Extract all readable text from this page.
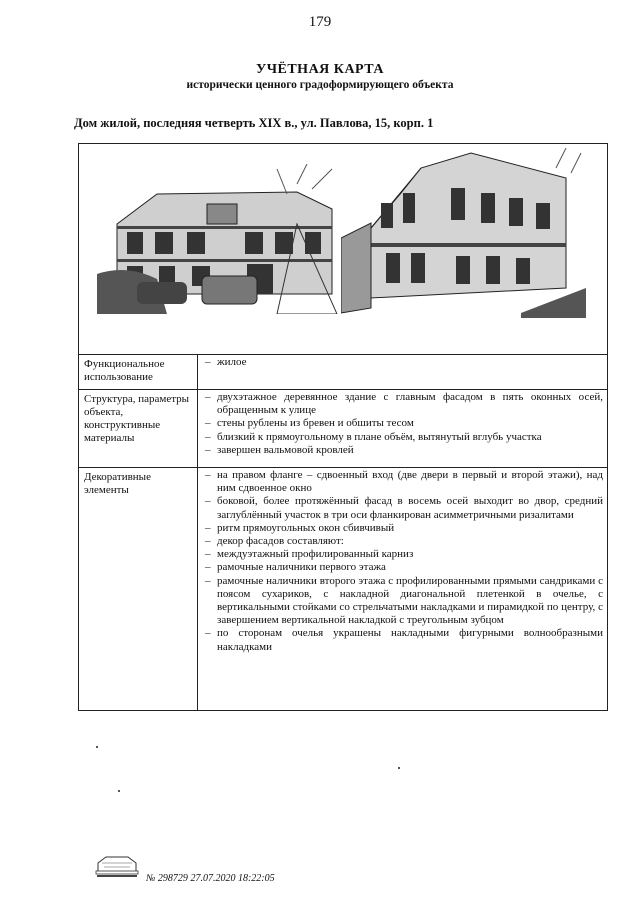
179
УЧЁТНАЯ КАРТА
исторически ценного градоформирующего объекта
Дом жилой, последняя четверть XIX в., ул. Павлова, 15, корп. 1
Функциональное использование
– жилое
Структура, параметры объекта, конструктивные материалы
– двухэтажное деревянное здание с главным фасадом в пять оконных осей, обращенным к улице
– стены рублены из бревен и обшиты тесом
– близкий к прямоугольному в плане объём, вытянутый вглубь участка
– завершен вальмовой кровлей
Декоративные элементы
– на правом фланге – сдвоенный вход (две двери в первый и второй этажи), над ним сдвоенное окно
– боковой, более протяжённый фасад в восемь осей выходит во двор, средний заглублённый участок в три оси фланкирован асимметричными ризалитами
– ритм прямоугольных окон сбивчивый
– декор фасадов составляют:
– междуэтажный профилированный карниз
– рамочные наличники первого этажа
– рамочные наличники второго этажа с профилированными прямыми сандриками с поясом сухариков, с накладной диагональной плетенкой в очелье, с вертикальными стойками со стрельчатыми накладками и пирамидкой по центру, с завершением вертикальной накладкой с треугольным зубцом
– по сторонам очелья украшены накладными фигурными волнообразными накладками
№ 298729 27.07.2020 18:22:05
